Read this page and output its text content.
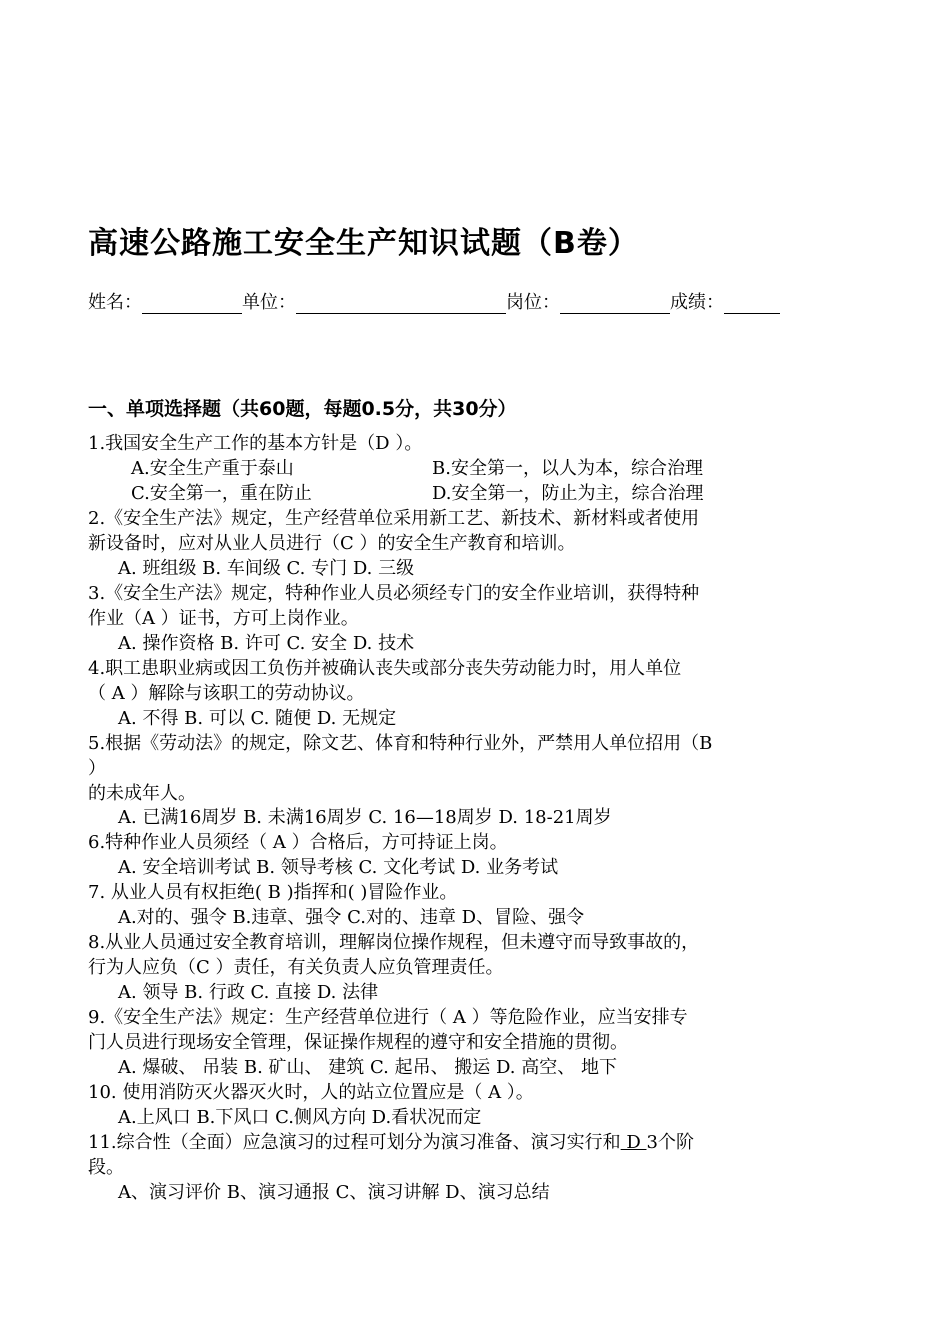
高速公路施工安全生产知识试题（B卷）
姓名：	单位：	岗位：	成绩：
一、单项选择题（共60题，每题0.5分，共30分）
1.我国安全生产工作的基本方针是（D ）。
A.安全生产重于泰山	B.安全第一，以人为本，综合治理
C.安全第一，重在防止	D.安全第一，防止为主，综合治理
2.《安全生产法》规定，生产经营单位采用新工艺、新技术、新材料或者使用
新设备时，应对从业人员进行（C ）的安全生产教育和培训。
A. 班组级 B. 车间级 C. 专门 D. 三级
3.《安全生产法》规定，特种作业人员必须经专门的安全作业培训，获得特种
作业（A ）证书，方可上岗作业。
A. 操作资格 B. 许可 C. 安全 D. 技术
4.职工患职业病或因工负伤并被确认丧失或部分丧失劳动能力时，用人单位
（ A ）解除与该职工的劳动协议。
A. 不得 B. 可以 C. 随便 D. 无规定
5.根据《劳动法》的规定，除文艺、体育和特种行业外，严禁用人单位招用（B
）
的未成年人。
A. 已满16周岁 B. 未满16周岁 C. 16—18周岁 D. 18-21周岁
6.特种作业人员须经（ A ）合格后，方可持证上岗。
A. 安全培训考试 B. 领导考核 C. 文化考试 D. 业务考试
7. 从业人员有权拒绝( B )指挥和( )冒险作业。
A.对的、强令 B.违章、强令 C.对的、违章 D、冒险、强令
8.从业人员通过安全教育培训，理解岗位操作规程，但未遵守而导致事故的，
行为人应负（C ）责任，有关负责人应负管理责任。
A. 领导 B. 行政 C. 直接 D. 法律
9.《安全生产法》规定：生产经营单位进行（ A ）等危险作业，应当安排专
门人员进行现场安全管理，保证操作规程的遵守和安全措施的贯彻。
A. 爆破、 吊装 B. 矿山、 建筑 C. 起吊、 搬运 D. 高空、 地下
10. 使用消防灭火器灭火时，人的站立位置应是（ A ）。
A.上风口 B.下风口 C.侧风方向 D.看状况而定
11.综合性（全面）应急演习的过程可划分为演习准备、演习实行和 D 3个阶
段。
A、演习评价 B、演习通报 C、演习讲解 D、演习总结
